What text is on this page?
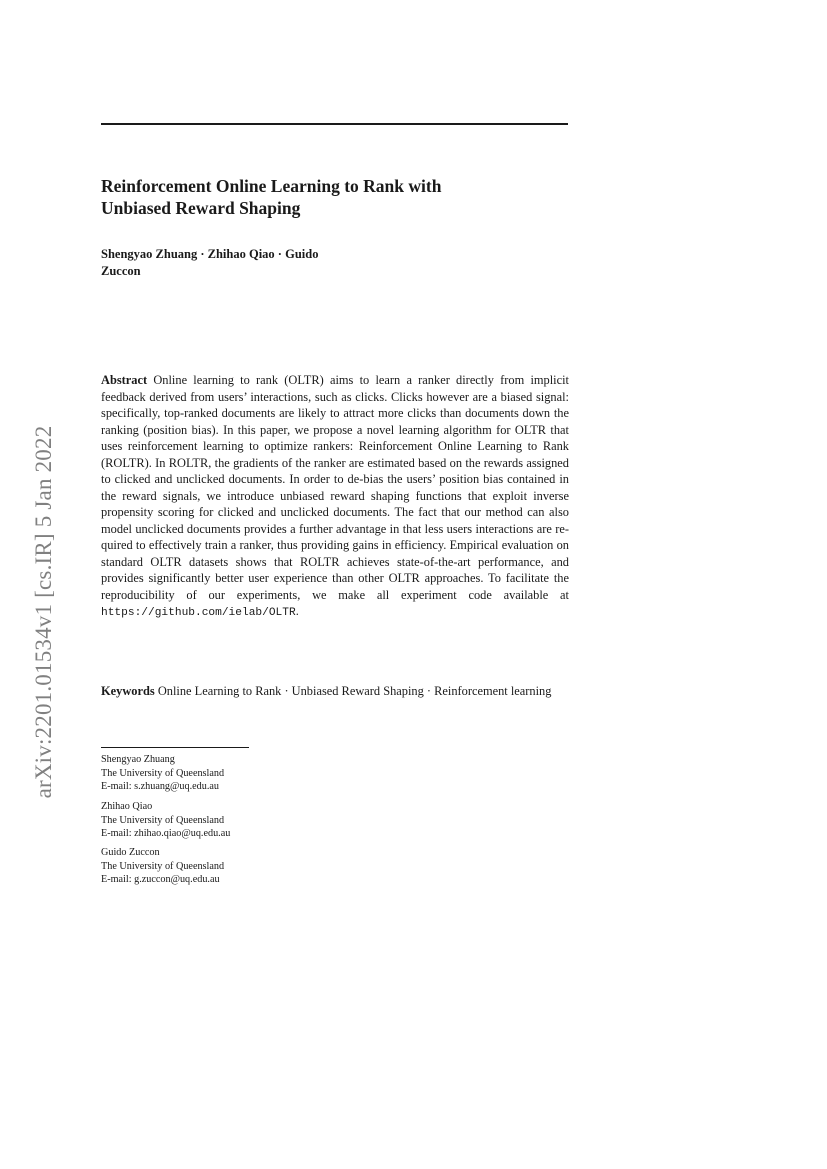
arXiv:2201.01534v1 [cs.IR] 5 Jan 2022
Reinforcement Online Learning to Rank with
Unbiased Reward Shaping
Shengyao Zhuang · Zhihao Qiao · Guido
Zuccon

Abstract Online learning to rank (OLTR) aims to learn a ranker directly from implicit feedback derived from users’ interactions, such as clicks. Clicks however are a biased signal: specifically, top-ranked documents are likely to attract more clicks than documents down the ranking (position bias). In this paper, we propose a novel learning algorithm for OLTR that uses reinforcement learning to optimize rankers: Reinforcement Online Learning to Rank (ROLTR). In ROLTR, the gradients of the ranker are estimated based on the rewards assigned to clicked and unclicked documents. In order to de-bias the users’ position bias contained in the reward signals, we introduce unbiased reward shaping functions that exploit inverse propensity scoring for clicked and unclicked documents. The fact that our method can also model unclicked documents provides a further advantage in that less users interactions are required to effectively train a ranker, thus providing gains in efficiency. Empirical evaluation on standard OLTR datasets shows that ROLTR achieves state-of-the-art performance, and provides significantly better user experience than other OLTR approaches. To facilitate the reproducibility of our experiments, we make all experiment code available at https://github.com/ielab/OLTR.

Keywords Online Learning to Rank · Unbiased Reward Shaping · Reinforcement learning

Shengyao Zhuang
The University of Queensland
E-mail: s.zhuang@uq.edu.au
Zhihao Qiao
The University of Queensland
E-mail: zhihao.qiao@uq.edu.au
Guido Zuccon
The University of Queensland
E-mail: g.zuccon@uq.edu.au
